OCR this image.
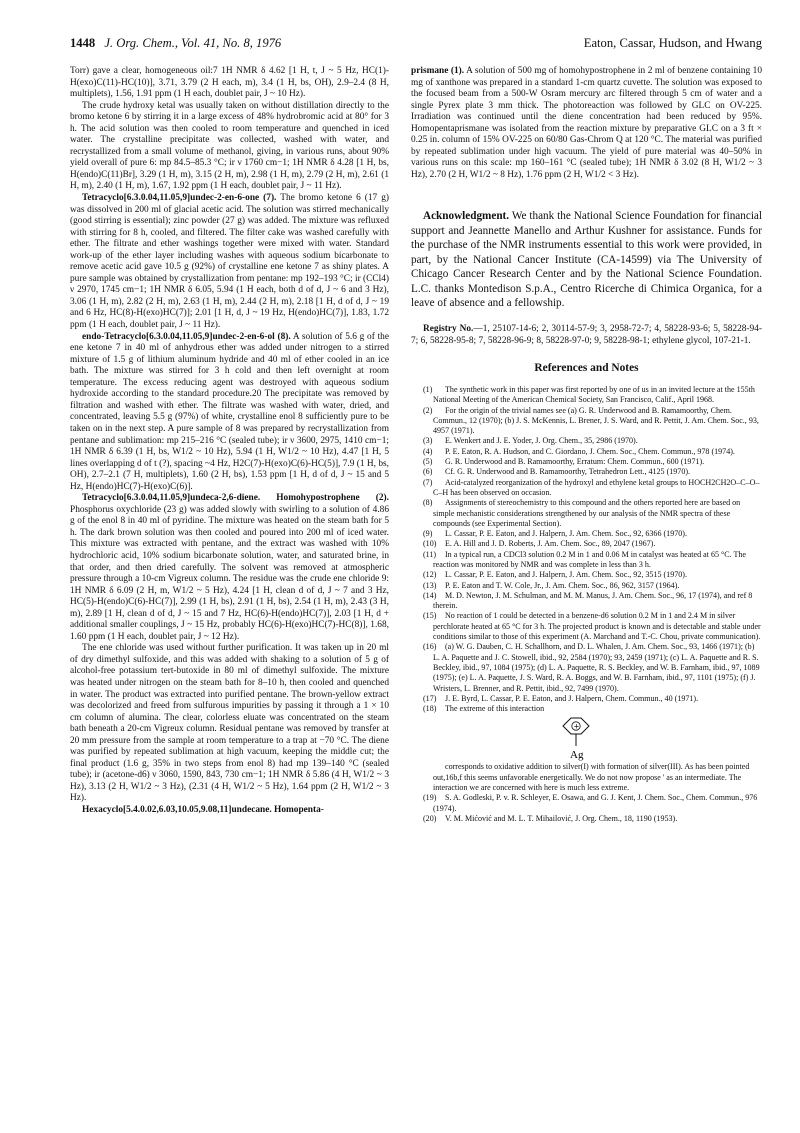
1448 J. Org. Chem., Vol. 41, No. 8, 1976	Eaton, Cassar, Hudson, and Hwang

Torr) gave a clear, homogeneous oil:7 1H NMR δ 4.62 [1 H, t, J ~ 5 Hz, HC(1)-H(exo)C(11)-HC(10)], 3.71, 3.79 (2 H each, m), 3.4 (1 H, bs, OH), 2.9–2.4 (8 H, multiplets), 1.56, 1.91 ppm (1 H each, doublet pair, J ~ 10 Hz).

The crude hydroxy ketal was usually taken on without distillation directly to the bromo ketone 6 by stirring it in a large excess of 48% hydrobromic acid at 80° for 3 h. The acid solution was then cooled to room temperature and quenched in iced water. The crystalline precipitate was collected, washed with water, and recrystallized from a small volume of methanol, giving, in various runs, about 90% yield overall of pure 6: mp 84.5–85.3 °C; ir ν 1760 cm−1; 1H NMR δ 4.28 [1 H, bs, H(endo)C(11)Br], 3.29 (1 H, m), 3.15 (2 H, m), 2.98 (1 H, m), 2.79 (2 H, m), 2.61 (1 H, m), 2.40 (1 H, m), 1.67, 1.92 ppm (1 H each, doublet pair, J ~ 11 Hz).

Tetracyclo[6.3.0.04,11.05,9]undec-2-en-6-one (7). The bromo ketone 6 (17 g) was dissolved in 200 ml of glacial acetic acid. The solution was stirred mechanically (good stirring is essential); zinc powder (27 g) was added. The mixture was refluxed with stirring for 8 h, cooled, and filtered. The filter cake was washed carefully with ether. The filtrate and ether washings together were mixed with water. Standard work-up of the ether layer including washes with aqueous sodium bicarbonate to remove acetic acid gave 10.5 g (92%) of crystalline ene ketone 7 as shiny plates. A pure sample was obtained by crystallization from pentane: mp 192–193 °C; ir (CCl4) ν 2970, 1745 cm−1; 1H NMR δ 6.05, 5.94 (1 H each, both d of d, J ~ 6 and 3 Hz), 3.06 (1 H, m), 2.82 (2 H, m), 2.63 (1 H, m), 2.44 (2 H, m), 2.18 [1 H, d of d, J ~ 19 and 6 Hz, HC(8)-H(exo)HC(7)]; 2.01 [1 H, d, J ~ 19 Hz, H(endo)HC(7)], 1.83, 1.72 ppm (1 H each, doublet pair, J ~ 11 Hz).

endo-Tetracyclo[6.3.0.04,11.05,9]undec-2-en-6-ol (8). A solution of 5.6 g of the ene ketone 7 in 40 ml of anhydrous ether was added under nitrogen to a stirred mixture of 1.5 g of lithium aluminum hydride and 40 ml of ether cooled in an ice bath. The mixture was stirred for 3 h cold and then left overnight at room temperature. The excess reducing agent was destroyed with aqueous sodium hydroxide according to the standard procedure.20 The precipitate was removed by filtration and washed with ether. The filtrate was washed with water, dried, and concentrated, leaving 5.5 g (97%) of white, crystalline enol 8 sufficiently pure to be taken on in the next step. A pure sample of 8 was prepared by recrystallization from pentane and sublimation: mp 215–216 °C (sealed tube); ir ν 3600, 2975, 1410 cm−1; 1H NMR δ 6.39 (1 H, bs, W1/2 ~ 10 Hz), 5.94 (1 H, W1/2 ~ 10 Hz), 4.47 [1 H, 5 lines overlapping d of t (?), spacing ~4 Hz, H2C(7)-H(exo)C(6)-HC(5)], 7.9 (1 H, bs, OH), 2.7–2.1 (7 H, multiplets), 1.60 (2 H, bs), 1.53 ppm [1 H, d of d, J ~ 15 and 5 Hz, H(endo)HC(7)-H(exo)C(6)].

Tetracyclo[6.3.0.04,11.05,9]undeca-2,6-diene. Homohypostrophene (2). Phosphorus oxychloride (23 g) was added slowly with swirling to a solution of 4.86 g of the enol 8 in 40 ml of pyridine. The mixture was heated on the steam bath for 5 h. The dark brown solution was then cooled and poured into 200 ml of iced water. This mixture was extracted with pentane, and the extract was washed with 10% hydrochloric acid, 10% sodium bicarbonate solution, water, and saturated brine, in that order, and then dried carefully. The solvent was removed at atmospheric pressure through a 10-cm Vigreux column. The residue was the crude ene chloride 9: 1H NMR δ 6.09 (2 H, m, W1/2 ~ 5 Hz), 4.24 [1 H, clean d of d, J ~ 7 and 3 Hz, HC(5)-H(endo)C(6)-HC(7)], 2.99 (1 H, bs), 2.91 (1 H, bs), 2.54 (1 H, m), 2.43 (3 H, m), 2.89 [1 H, clean d of d, J ~ 15 and 7 Hz, HC(6)-H(endo)HC(7)], 2.03 [1 H, d + additional smaller couplings, J ~ 15 Hz, probably HC(6)-H(exo)HC(7)-HC(8)], 1.68, 1.60 ppm (1 H each, doublet pair, J ~ 12 Hz).

The ene chloride was used without further purification. It was taken up in 20 ml of dry dimethyl sulfoxide, and this was added with shaking to a solution of 5 g of alcohol-free potassium tert-butoxide in 80 ml of dimethyl sulfoxide. The mixture was heated under nitrogen on the steam bath for 8–10 h, then cooled and quenched in water. The product was extracted into purified pentane. The brown-yellow extract was decolorized and freed from sulfurous impurities by passing it through a 1 × 10 cm column of alumina. The clear, colorless eluate was concentrated on the steam bath beneath a 20-cm Vigreux column. Residual pentane was removed by transfer at 20 mm pressure from the sample at room temperature to a trap at −70 °C. The diene was purified by repeated sublimation at high vacuum, keeping the middle cut; the final product (1.6 g, 35% in two steps from enol 8) had mp 139–140 °C (sealed tube); ir (acetone-d6) ν 3060, 1590, 843, 730 cm−1; 1H NMR δ 5.86 (4 H, W1/2 ~ 3 Hz), 3.13 (2 H, W1/2 ~ 3 Hz), (2.31 (4 H, W1/2 ~ 5 Hz), 1.64 ppm (2 H, W1/2 ~ 3 Hz).

Hexacyclo[5.4.0.02,6.03,10.05,9.08,11]undecane. Homopenta-

prismane (1). A solution of 500 mg of homohypostrophene in 2 ml of benzene containing 10 mg of xanthone was prepared in a standard 1-cm quartz cuvette. The solution was exposed to the focused beam from a 500-W Osram mercury arc filtered through 5 cm of water and a single Pyrex plate 3 mm thick. The photoreaction was followed by GLC on OV-225. Irradiation was continued until the diene concentration had been reduced by 95%. Homopentaprismane was isolated from the reaction mixture by preparative GLC on a 3 ft × 0.25 in. column of 15% OV-225 on 60/80 Gas-Chrom Q at 120 °C. The material was purified by repeated sublimation under high vacuum. The yield of pure material was 40–50% in various runs on this scale: mp 160–161 °C (sealed tube); 1H NMR δ 3.02 (8 H, W1/2 ~ 3 Hz), 2.70 (2 H, W1/2 ~ 8 Hz), 1.76 ppm (2 H, W1/2 < 3 Hz).

Acknowledgment. We thank the National Science Foundation for financial support and Jeannette Manello and Arthur Kushner for assistance. Funds for the purchase of the NMR instruments essential to this work were provided, in part, by the National Cancer Institute (CA-14599) via The University of Chicago Cancer Research Center and by the National Science Foundation. L.C. thanks Montedison S.p.A., Centro Ricerche di Chimica Organica, for a leave of absence and a fellowship.

Registry No.—1, 25107-14-6; 2, 30114-57-9; 3, 2958-72-7; 4, 58228-93-6; 5, 58228-94-7; 6, 58228-95-8; 7, 58228-96-9; 8, 58228-97-0; 9, 58228-98-1; ethylene glycol, 107-21-1.

References and Notes

(1) The synthetic work in this paper was first reported by one of us in an invited lecture at the 155th National Meeting of the American Chemical Society, San Francisco, Calif., April 1968.

(2) For the origin of the trivial names see (a) G. R. Underwood and B. Ramamoorthy, Chem. Commun., 12 (1970); (b) J. S. McKennis, L. Brener, J. S. Ward, and R. Pettit, J. Am. Chem. Soc., 93, 4957 (1971).

(3) E. Wenkert and J. E. Yoder, J. Org. Chem., 35, 2986 (1970).

(4) P. E. Eaton, R. A. Hudson, and C. Giordano, J. Chem. Soc., Chem. Commun., 978 (1974).

(5) G. R. Underwood and B. Ramamoorthy, Erratum: Chem. Commun., 600 (1971).

(6) Cf. G. R. Underwood and B. Ramamoorthy, Tetrahedron Lett., 4125 (1970).

(7) Acid-catalyzed reorganization of the hydroxyl and ethylene ketal groups to HOCH2CH2O–C–O–C–H has been observed on occasion.

(8) Assignments of stereochemistry to this compound and the others reported here are based on simple mechanistic considerations strengthened by our analysis of the NMR spectra of these compounds (see Experimental Section).

(9) L. Cassar, P. E. Eaton, and J. Halpern, J. Am. Chem. Soc., 92, 6366 (1970).

(10) E. A. Hill and J. D. Roberts, J. Am. Chem. Soc., 89, 2047 (1967).

(11) In a typical run, a CDCl3 solution 0.2 M in 1 and 0.06 M in catalyst was heated at 65 °C. The reaction was monitored by NMR and was complete in less than 3 h.

(12) L. Cassar, P. E. Eaton, and J. Halpern, J. Am. Chem. Soc., 92, 3515 (1970).

(13) P. E. Eaton and T. W. Cole, Jr., J. Am. Chem. Soc., 86, 962, 3157 (1964).

(14) M. D. Newton, J. M. Schulman, and M. M. Manus, J. Am. Chem. Soc., 96, 17 (1974), and ref 8 therein.

(15) No reaction of 1 could be detected in a benzene-d6 solution 0.2 M in 1 and 2.4 M in silver perchlorate heated at 65 °C for 3 h. The projected product is known and is detectable and stable under conditions similar to those of this experiment (A. Marchand and T.-C. Chou, private communication).

(16) (a) W. G. Dauben, C. H. Schallhorn, and D. L. Whalen, J. Am. Chem. Soc., 93, 1466 (1971); (b) L. A. Paquette and J. C. Stowell, ibid., 92, 2584 (1970); 93, 2459 (1971); (c) L. A. Paquette and R. S. Beckley, ibid., 97, 1084 (1975); (d) L. A. Paquette, R. S. Beckley, and W. B. Farnham, ibid., 97, 1089 (1975); (e) L. A. Paquette, J. S. Ward, R. A. Boggs, and W. B. Farnham, ibid., 97, 1101 (1975); (f) J. Wristers, L. Brenner, and R. Pettit, ibid., 92, 7499 (1970).

(17) J. E. Byrd, L. Cassar, P. E. Eaton, and J. Halpern, Chem. Commun., 40 (1971).

(18) The extreme of this interaction

+
Ag

corresponds to oxidative addition to silver(I) with formation of silver(III). As has been pointed out,16b,f this seems unfavorable energetically. We do not now propose ' as an intermediate. The interaction we are concerned with here is much less extreme.

(19) S. A. Godleski, P. v. R. Schleyer, E. Osawa, and G. J. Kent, J. Chem. Soc., Chem. Commun., 976 (1974).

(20) V. M. Mićović and M. L. T. Mihailović, J. Org. Chem., 18, 1190 (1953).
